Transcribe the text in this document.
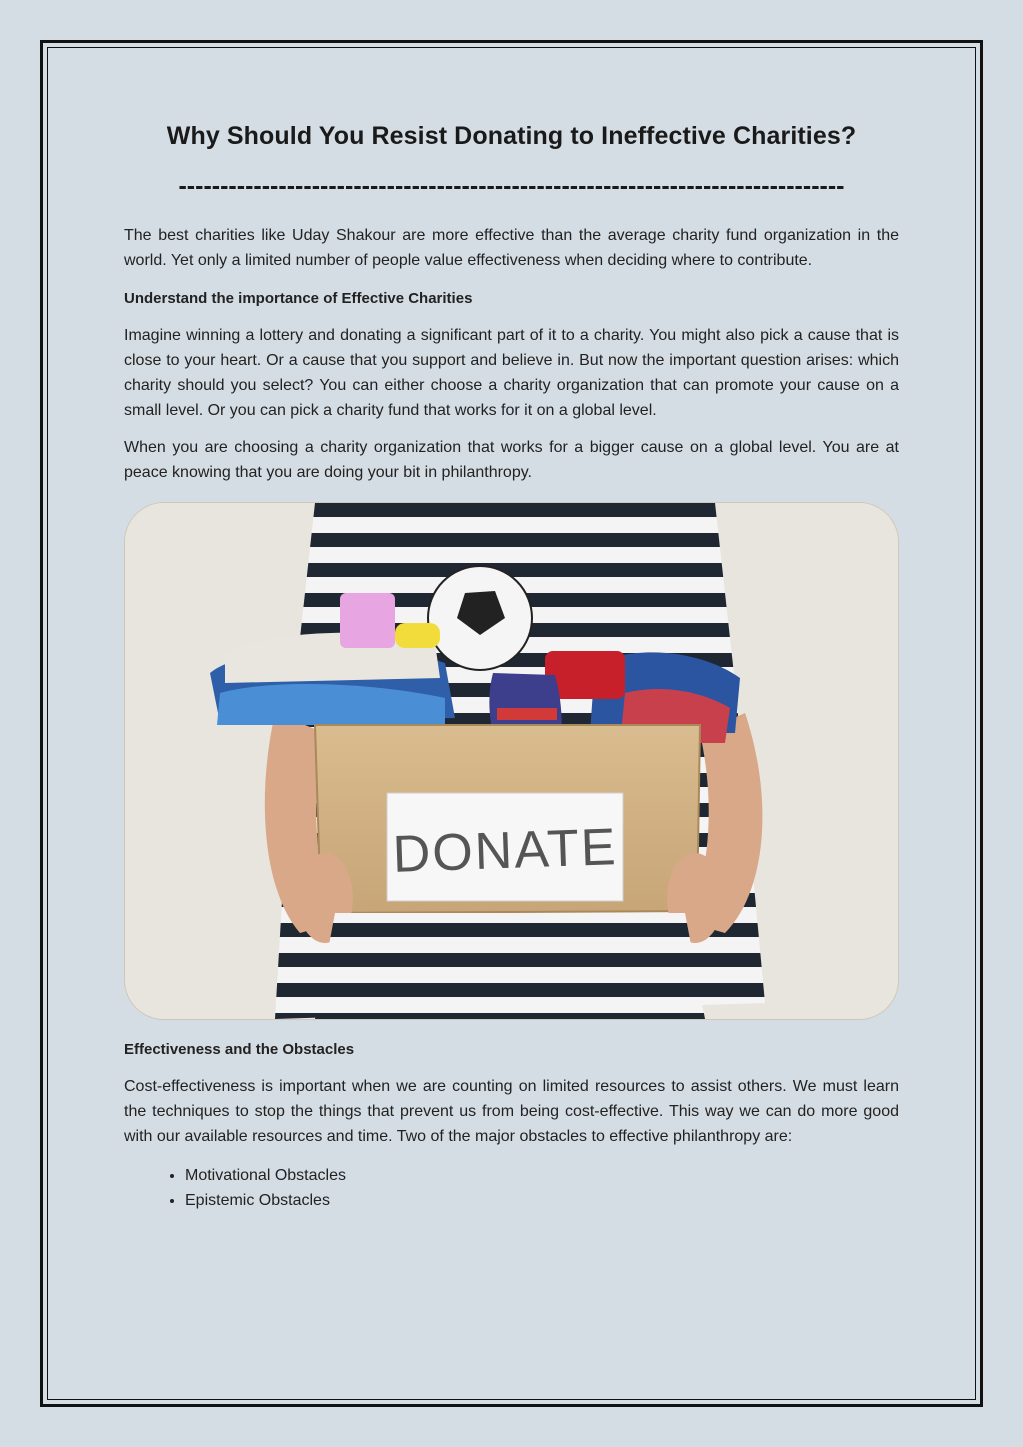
Why Should You Resist Donating to Ineffective Charities?
--------------------------------------------------------------------------------

The best charities like Uday Shakour are more effective than the average charity fund organization in the world. Yet only a limited number of people value effectiveness when deciding where to contribute.

Understand the importance of Effective Charities

Imagine winning a lottery and donating a significant part of it to a charity. You might also pick a cause that is close to your heart. Or a cause that you support and believe in. But now the important question arises: which charity should you select? You can either choose a charity organization that can promote your cause on a small level. Or you can pick a charity fund that works for it on a global level.

When you are choosing a charity organization that works for a bigger cause on a global level. You are at peace knowing that you are doing your bit in philanthropy.

DONATE
Effectiveness and the Obstacles

Cost-effectiveness is important when we are counting on limited resources to assist others. We must learn the techniques to stop the things that prevent us from being cost-effective. This way we can do more good with our available resources and time. Two of the major obstacles to effective philanthropy are:

• Motivational Obstacles
• Epistemic Obstacles
